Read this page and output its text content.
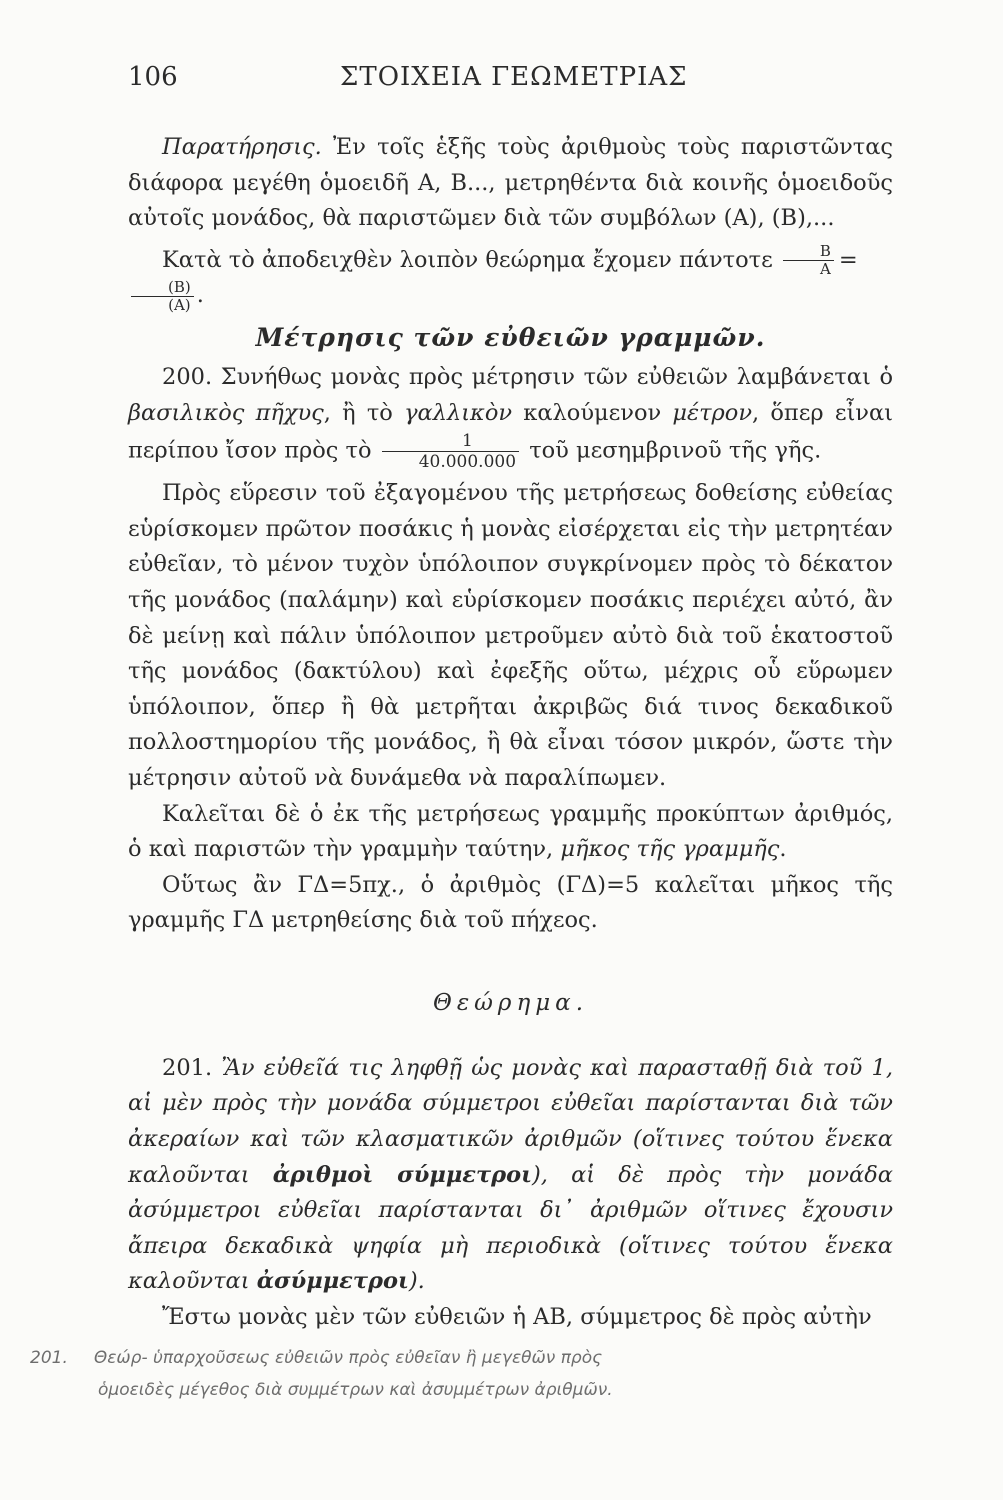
106	ΣΤΟΙΧΕΙΑ ΓΕΩΜΕΤΡΙΑΣ

Παρατήρησις. Ἐν τοῖς ἑξῆς τοὺς ἀριθμοὺς τοὺς παριστῶντας διάφορα μεγέθη ὁμοειδῆ Α, Β..., μετρηθέντα διὰ κοινῆς ὁμοειδοῦς αὐτοῖς μονάδος, θὰ παριστῶμεν διὰ τῶν συμβόλων (Α), (Β),...

Κατὰ τὸ ἀποδειχθὲν λοιπὸν θεώρημα ἔχομεν πάντοτε $\frac{B}{A}$ =
$\frac{(B)}{(A)}$ .

Μέτρησις τῶν εὐθειῶν γραμμῶν.

200. Συνήθως μονὰς πρὸς μέτρησιν τῶν εὐθειῶν λαμβάνεται ὁ βασιλικὸς πῆχυς, ἢ τὸ γαλλικὸν καλούμενον μέτρον, ὅπερ εἶναι περίπου ἴσον πρὸς τὸ $\frac{1}{40.000.000}$ τοῦ μεσημβρινοῦ τῆς γῆς.

Πρὸς εὕρεσιν τοῦ ἐξαγομένου τῆς μετρήσεως δοθείσης εὐθείας εὑρίσκομεν πρῶτον ποσάκις ἡ μονὰς εἰσέρχεται εἰς τὴν μετρητέαν εὐθεῖαν, τὸ μένον τυχὸν ὑπόλοιπον συγκρίνομεν πρὸς τὸ δέκατον τῆς μονάδος (παλάμην) καὶ εὑρίσκομεν ποσάκις περιέχει αὐτό, ἂν δὲ μείνῃ καὶ πάλιν ὑπόλοιπον μετροῦμεν αὐτὸ διὰ τοῦ ἑκατοστοῦ τῆς μονάδος (δακτύλου) καὶ ἐφεξῆς οὕτω, μέχρις οὗ εὕρωμεν ὑπόλοιπον, ὅπερ ἢ θὰ μετρῆται ἀκριβῶς διά τινος δεκαδικοῦ πολλοστημορίου τῆς μονάδος, ἢ θὰ εἶναι τόσον μικρόν, ὥστε τὴν μέτρησιν αὐτοῦ νὰ δυνάμεθα νὰ παραλίπωμεν.

Καλεῖται δὲ ὁ ἐκ τῆς μετρήσεως γραμμῆς προκύπτων ἀριθμός, ὁ καὶ παριστῶν τὴν γραμμὴν ταύτην, μῆκος τῆς γραμμῆς.

Οὕτως ἂν ΓΔ=5πχ., ὁ ἀριθμὸς (ΓΔ)=5 καλεῖται μῆκος τῆς γραμμῆς ΓΔ μετρηθείσης διὰ τοῦ πήχεος.

Θεώρημα.

201. Ἂν εὐθεῖά τις ληφθῇ ὡς μονὰς καὶ παρασταθῇ διὰ τοῦ 1, αἱ μὲν πρὸς τὴν μονάδα σύμμετροι εὐθεῖαι παρίστανται διὰ τῶν ἀκεραίων καὶ τῶν κλασματικῶν ἀριθμῶν (οἵτινες τούτου ἕνεκα καλοῦνται ἀριθμοὶ σύμμετροι), αἱ δὲ πρὸς τὴν μονάδα ἀσύμμετροι εὐθεῖαι παρίστανται δι᾽ ἀριθμῶν οἵτινες ἔχουσιν ἄπειρα δεκαδικὰ ψηφία μὴ περιοδικὰ (οἵτινες τούτου ἕνεκα καλοῦνται ἀσύμμετροι).

Ἔστω μονὰς μὲν τῶν εὐθειῶν ἡ ΑΒ, σύμμετρος δὲ πρὸς αὐτὴν

201. Θεώρ- ὑπαρχοῦσεως εὐθειῶν πρὸς εὐθεῖαν ἢ μεγεθῶν πρὸς
ὁμοειδὲς μέγεθος διὰ συμμέτρων καὶ ἀσυμμέτρων ἀριθμῶν.
